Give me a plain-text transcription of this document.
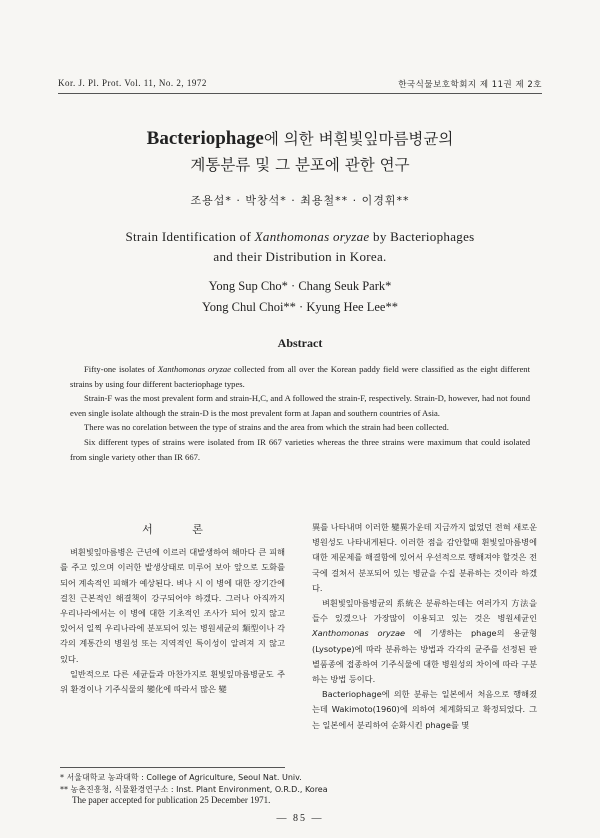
Kor. J. Pl. Prot. Vol. 11, No. 2, 1972	한국식물보호학회지 제 11권 제 2호
Bacteriophage에 의한 벼흰빛잎마름병균의
계통분류 및 그 분포에 관한 연구
조용섭* · 박창석* · 최용철** · 이경휘**
Strain Identification of Xanthomonas oryzae by Bacteriophages
and their Distribution in Korea.
Yong Sup Cho* · Chang Seuk Park*
Yong Chul Choi** · Kyung Hee Lee**
Abstract

Fifty-one isolates of Xanthomonas oryzae collected from all over the Korean paddy field were classified as the eight different strains by using four different bacteriophage types.

Strain-F was the most prevalent form and strain-H,C, and A followed the strain-F, respectively. Strain-D, however, had not found even single isolate although the strain-D is the most prevalent form at Japan and southern countries of Asia.

There was no corelation between the type of strains and the area from which the strain had been collected.

Six different types of strains were isolated from IR 667 varieties whereas the three strains were maximum that could isolated from single variety other than IR 667.

서 론

벼흰빛잎마름병은 근년에 이르러 대발생하여 해마다 큰 피해를 주고 있으며 이러한 발생상태로 미루어 보아 앞으로 도화를 되어 계속적인 피해가 예상된다. 벼나 시 이 병에 대한 장기간에 걸친 근본적인 해결책이 강구되어야 하겠다. 그러나 아직까지 우리나라에서는 이 병에 대한 기초적인 조사가 되어 있지 않고 있어서 일찍 우리나라에 분포되어 있는 병원세균의 類型이나 각각의 계통간의 병원성 또는 지역적인 특이성이 알려져 지 않고 있다.

일반적으로 다른 세균들과 마찬가지로 흰빛잎마름병균도 주위 환경이나 기주식물의 變化에 따라서 많은 變

異를 나타내며 이러한 變異가운데 지금까지 없었던 전혀 새로운 병원성도 나타내게된다. 이러한 점을 감안할때 흰빛잎마름병에 대한 제문제를 해결함에 있어서 우선적으로 행해져야 할것은 전국에 걸쳐서 분포되어 있는 병균을 수집 분류하는 것이라 하겠다.

벼흰빛잎마름병균의 系統은 분류하는데는 여러가지 方法을 들수 있겠으나 가장많이 이용되고 있는 것은 병원세균인 Xanthomonas oryzae 에 기생하는 phage의 용균형(Lysotype)에 따라 분류하는 방법과 각각의 균주를 선정된 판별품종에 접종하여 기주식물에 대한 병원성의 차이에 따라 구분하는 방법 등이다.

Bacteriophage에 의한 분류는 일본에서 처음으로 행해졌는데 Wakimoto(1960)에 의하여 체계화되고 확정되었다. 그는 일본에서 분리하여 순화시킨 phage를 몇

* 서울대학교 농과대학 : College of Agriculture, Seoul Nat. Univ.
** 농촌진흥청, 식물환경연구소 : Inst. Plant Environment, O.R.D., Korea
The paper accepted for publication 25 December 1971.
— 85 —
